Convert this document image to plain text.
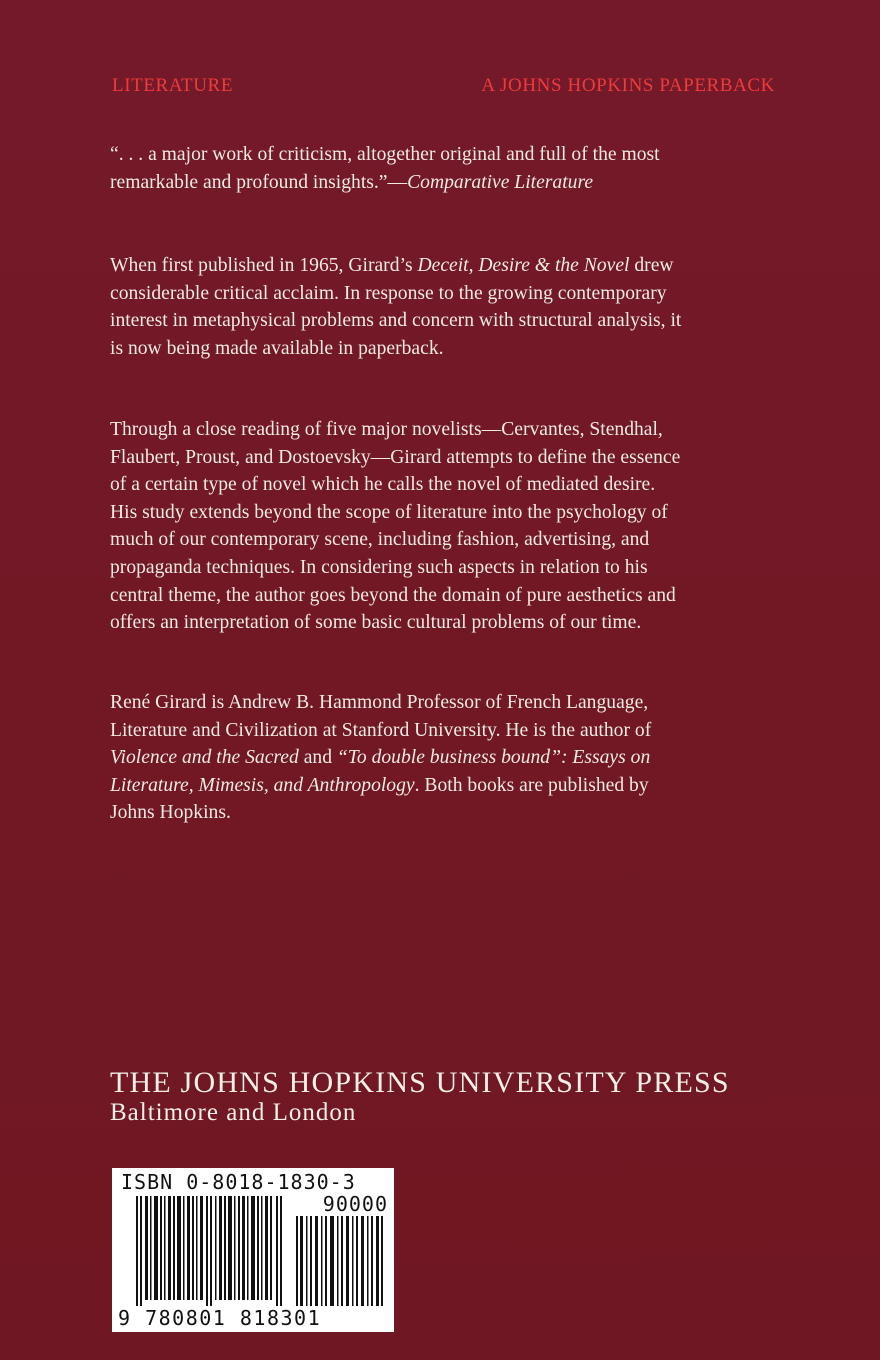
LITERATURE	A JOHNS HOPKINS PAPERBACK
“. . . a major work of criticism, altogether original and full of the most
remarkable and profound insights.”—Comparative Literature
When first published in 1965, Girard’s Deceit, Desire & the Novel drew
considerable critical acclaim. In response to the growing contemporary
interest in metaphysical problems and concern with structural analysis, it
is now being made available in paperback.
Through a close reading of five major novelists—Cervantes, Stendhal,
Flaubert, Proust, and Dostoevsky—Girard attempts to define the essence
of a certain type of novel which he calls the novel of mediated desire.
His study extends beyond the scope of literature into the psychology of
much of our contemporary scene, including fashion, advertising, and
propaganda techniques. In considering such aspects in relation to his
central theme, the author goes beyond the domain of pure aesthetics and
offers an interpretation of some basic cultural problems of our time.
René Girard is Andrew B. Hammond Professor of French Language,
Literature and Civilization at Stanford University. He is the author of
Violence and the Sacred and “To double business bound”: Essays on
Literature, Mimesis, and Anthropology. Both books are published by
Johns Hopkins.
THE JOHNS HOPKINS UNIVERSITY PRESS
Baltimore and London
ISBN 0-8018-1830-3
90000
9 780801 818301
